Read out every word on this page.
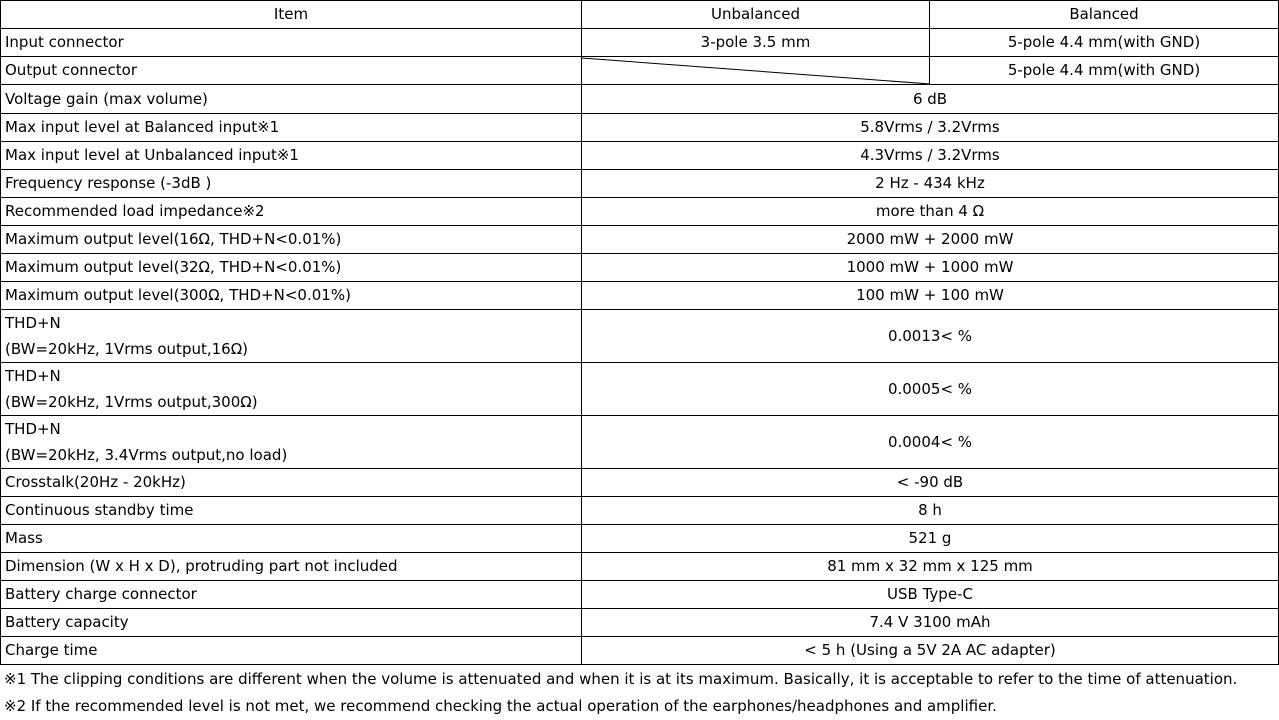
Item	Unbalanced	Balanced
Input connector	3-pole 3.5 mm	5-pole 4.4 mm(with GND)
Output connector		5-pole 4.4 mm(with GND)
Voltage gain (max volume)	6 dB	
Max input level at Balanced input※1	5.8Vrms / 3.2Vrms	
Max input level at Unbalanced input※1	4.3Vrms / 3.2Vrms	
Frequency response (-3dB )	2 Hz - 434 kHz	
Recommended load impedance※2	more than 4 Ω	
Maximum output level(16Ω, THD+N<0.01%)	2000 mW + 2000 mW	
Maximum output level(32Ω, THD+N<0.01%)	1000 mW + 1000 mW	
Maximum output level(300Ω, THD+N<0.01%)	100 mW + 100 mW	

THD+N
(BW=20kHz, 1Vrms output,16Ω)	0.0013< %	

THD+N
(BW=20kHz, 1Vrms output,300Ω)	0.0005< %	

THD+N
(BW=20kHz, 3.4Vrms output,no load)	0.0004< %	
Crosstalk(20Hz - 20kHz)	< -90 dB	
Continuous standby time	8 h	
Mass	521 g	
Dimension (W x H x D), protruding part not included	81 mm x 32 mm x 125 mm	
Battery charge connector	USB Type-C	
Battery capacity	7.4 V 3100 mAh	
Charge time	< 5 h (Using a 5V 2A AC adapter)	
※1 The clipping conditions are different when the volume is attenuated and when it is at its maximum. Basically, it is acceptable to refer to the time of attenuation.
※2 If the recommended level is not met, we recommend checking the actual operation of the earphones/headphones and amplifier.
